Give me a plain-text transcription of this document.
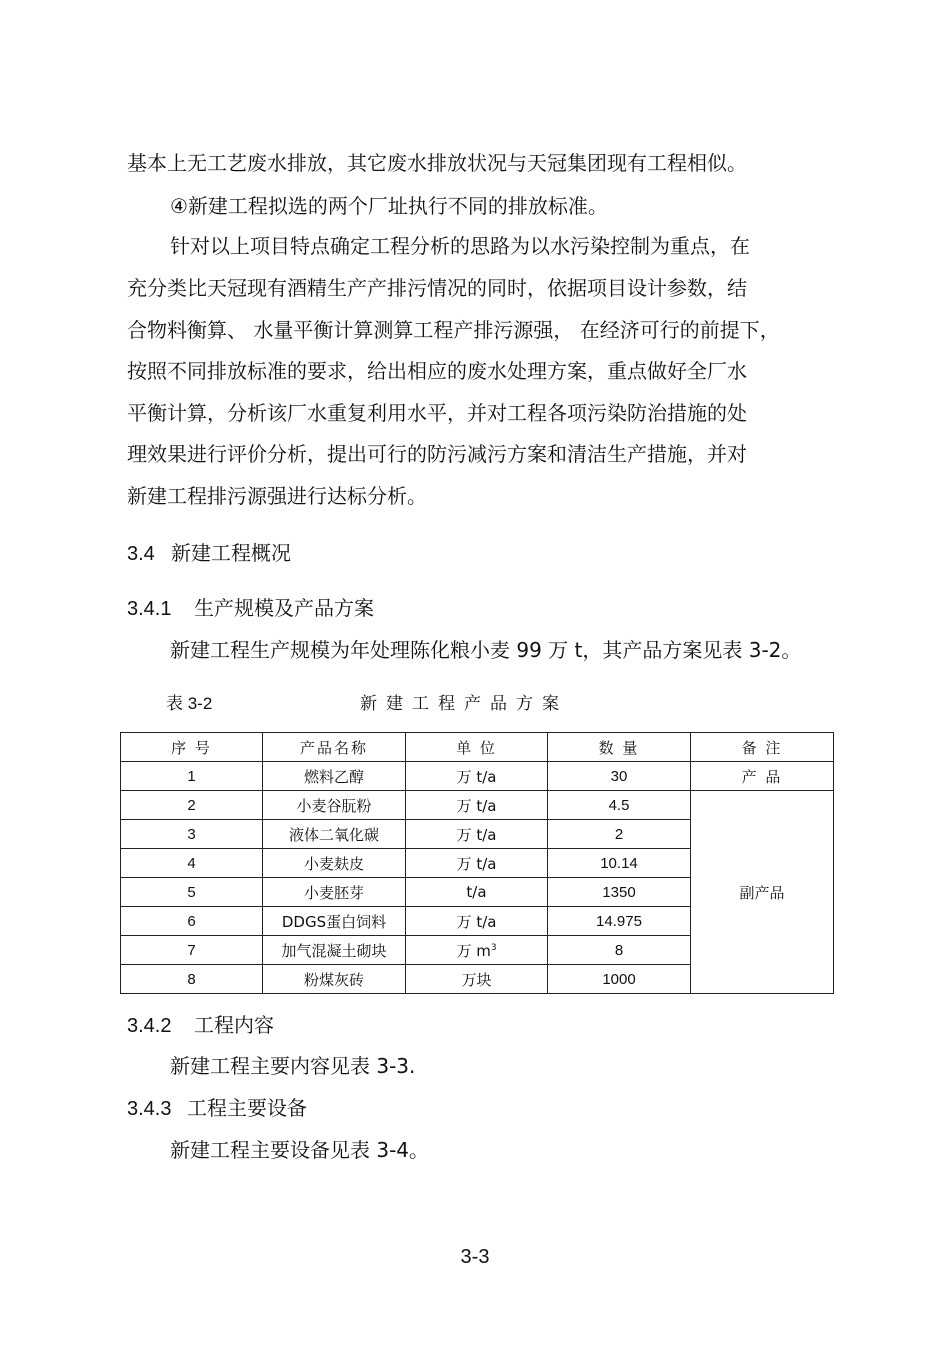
基本上无工艺废水排放，其它废水排放状况与天冠集团现有工程相似。
④新建工程拟选的两个厂址执行不同的排放标准。
针对以上项目特点确定工程分析的思路为以水污染控制为重点，在
充分类比天冠现有酒精生产产排污情况的同时，依据项目设计参数，结
合物料衡算、 水量平衡计算测算工程产排污源强， 在经济可行的前提下，
按照不同排放标准的要求，给出相应的废水处理方案，重点做好全厂水
平衡计算，分析该厂水重复利用水平，并对工程各项污染防治措施的处
理效果进行评价分析，提出可行的防污减污方案和清洁生产措施，并对
新建工程排污源强进行达标分析。
3.4 新建工程概况
3.4.1 生产规模及产品方案
新建工程生产规模为年处理陈化粮小麦 99 万 t，其产品方案见表 3-2。
表 3-2	新建工程产品方案
序 号	产品名称	单 位	数 量	备 注
1	燃料乙醇	万 t/a	30	产 品
2	小麦谷朊粉	万 t/a	4.5	副产品
3	液体二氧化碳	万 t/a	2	
4	小麦麸皮	万 t/a	10.14	
5	小麦胚芽	t/a	1350	
6	DDGS蛋白饲料	万 t/a	14.975	
7	加气混凝土砌块	万 $m^3$	8	
8	粉煤灰砖	万块	1000	
3.4.2 工程内容
新建工程主要内容见表 3-3.
3.4.3 工程主要设备
新建工程主要设备见表 3-4。
3-3
